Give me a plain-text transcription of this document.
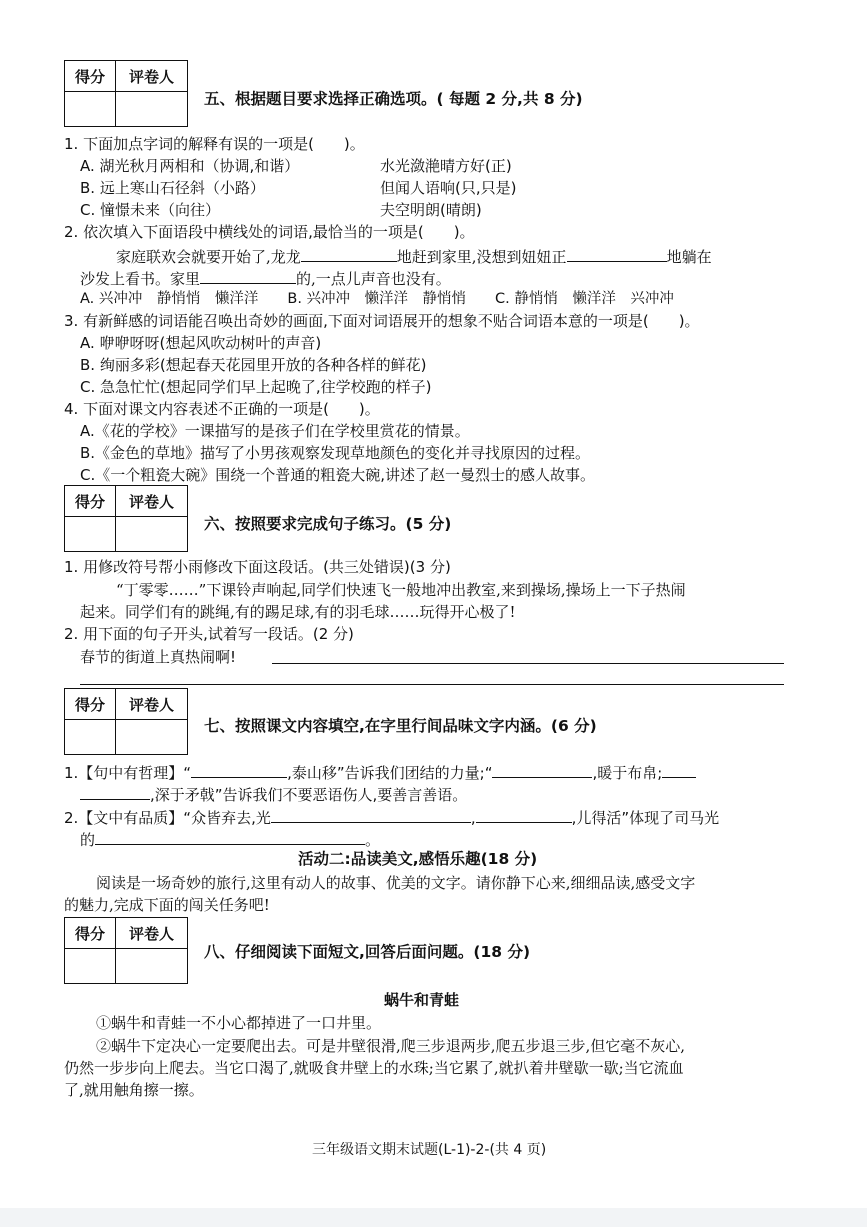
得分	评卷人

五、根据题目要求选择正确选项。( 每题 2 分,共 8 分)
1. 下面加点字词的解释有误的一项是(　　)。
A. 湖光秋月两相和（协调,和谐）	水光潋滟晴方好(正)
B. 远上寒山石径斜（小路）	但闻人语响(只,只是)
C. 憧憬未来（向往）	夫空明朗(晴朗)
2. 依次填入下面语段中横线处的词语,最恰当的一项是(　　)。
家庭联欢会就要开始了,龙龙	地赶到家里,没想到妞妞正	地躺在
沙发上看书。家里	的,一点儿声音也没有。
A. 兴冲冲　静悄悄　懒洋洋　　B. 兴冲冲　懒洋洋　静悄悄　　C. 静悄悄　懒洋洋　兴冲冲
3. 有新鲜感的词语能召唤出奇妙的画面,下面对词语展开的想象不贴合词语本意的一项是(　　)。
A. 咿咿呀呀(想起风吹动树叶的声音)
B. 绚丽多彩(想起春天花园里开放的各种各样的鲜花)
C. 急急忙忙(想起同学们早上起晚了,往学校跑的样子)
4. 下面对课文内容表述不正确的一项是(　　)。
A.《花的学校》一课描写的是孩子们在学校里赏花的情景。
B.《金色的草地》描写了小男孩观察发现草地颜色的变化并寻找原因的过程。
C.《一个粗瓷大碗》围绕一个普通的粗瓷大碗,讲述了赵一曼烈士的感人故事。
得分	评卷人

六、按照要求完成句子练习。(5 分)
1. 用修改符号帮小雨修改下面这段话。(共三处错误)(3 分)
“丁零零……”下课铃声响起,同学们快速飞一般地冲出教室,来到操场,操场上一下子热闹
起来。同学们有的跳绳,有的踢足球,有的羽毛球……玩得开心极了!
2. 用下面的句子开头,试着写一段话。(2 分)
春节的街道上真热闹啊!
得分	评卷人

七、按照课文内容填空,在字里行间品味文字内涵。(6 分)
1.【句中有哲理】“	,泰山移”告诉我们团结的力量;“	,暖于布帛;
,深于矛戟”告诉我们不要恶语伤人,要善言善语。
2.【文中有品质】“众皆弃去,光	,	,儿得活”体现了司马光
的	。
活动二:品读美文,感悟乐趣(18 分)
阅读是一场奇妙的旅行,这里有动人的故事、优美的文字。请你静下心来,细细品读,感受文字
的魅力,完成下面的闯关任务吧!
得分	评卷人

八、仔细阅读下面短文,回答后面问题。(18 分)
蜗牛和青蛙
①蜗牛和青蛙一不小心都掉进了一口井里。
②蜗牛下定决心一定要爬出去。可是井壁很滑,爬三步退两步,爬五步退三步,但它毫不灰心,
仍然一步步向上爬去。当它口渴了,就吸食井壁上的水珠;当它累了,就扒着井壁歇一歇;当它流血
了,就用触角擦一擦。
三年级语文期末试题(L-1)-2-(共 4 页)
